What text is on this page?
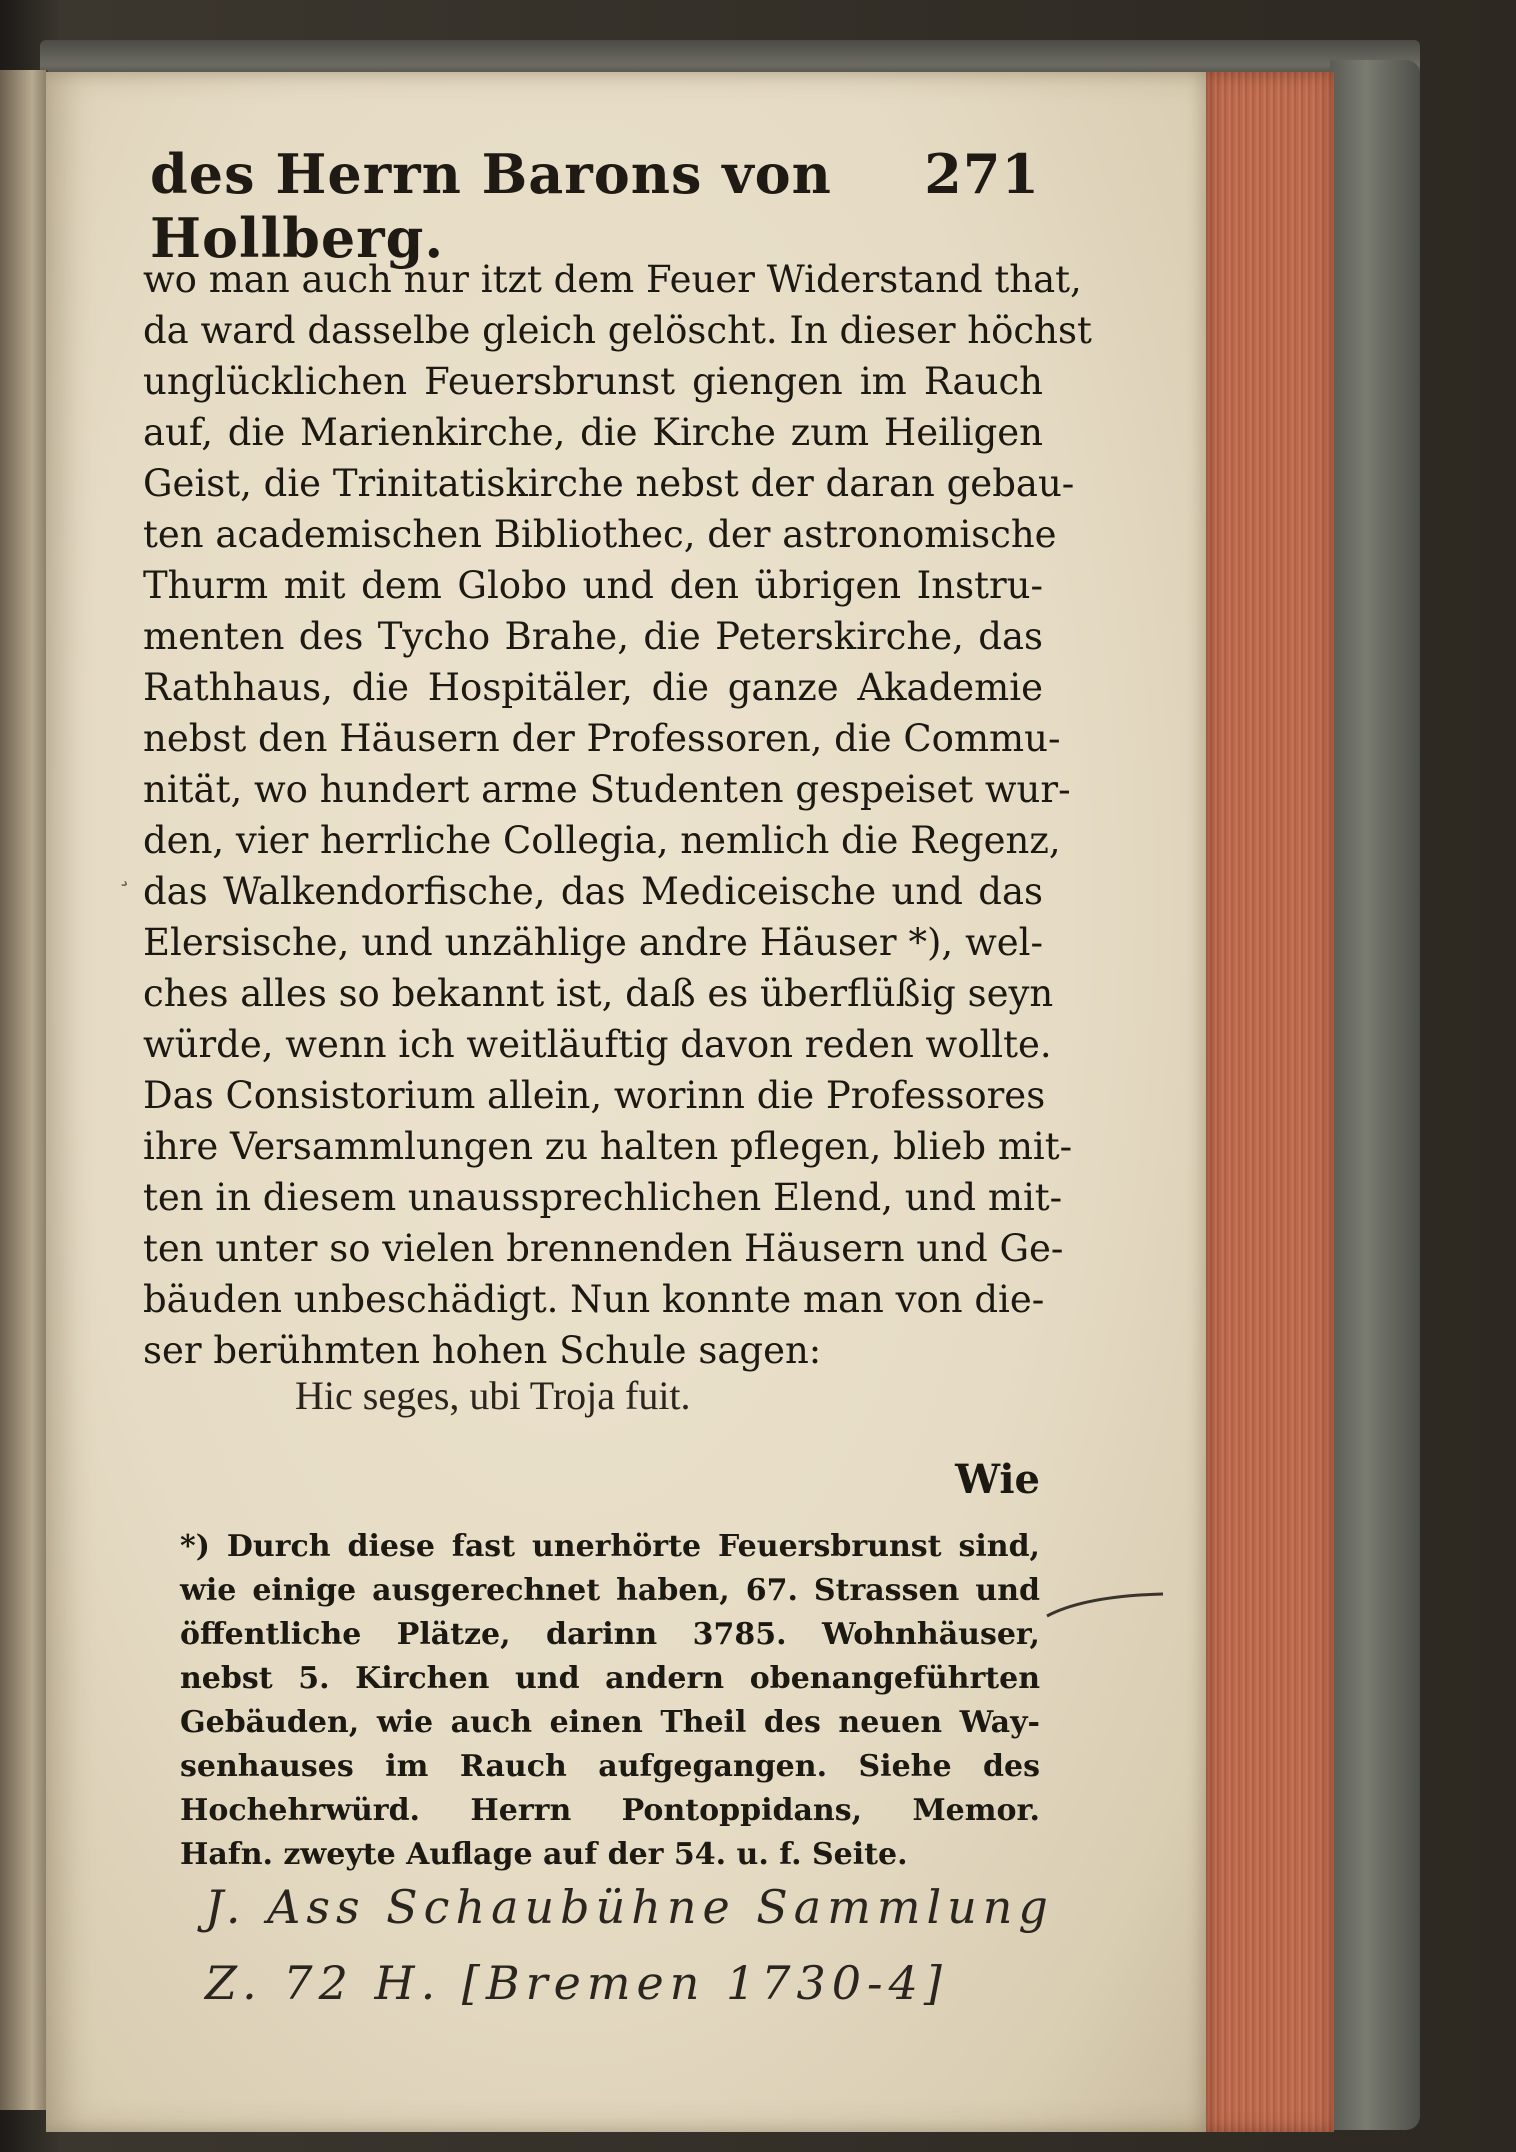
des Herrn Barons von Hollberg.
271
¸
wo man auch nur itzt dem Feuer Widerstand that,
da ward dasselbe gleich gelöscht. In dieser höchst
unglücklichen Feuersbrunst giengen im Rauch
auf, die Marienkirche, die Kirche zum Heiligen
Geist, die Trinitatiskirche nebst der daran gebau-
ten academischen Bibliothec, der astronomische
Thurm mit dem Globo und den übrigen Instru-
menten des Tycho Brahe, die Peterskirche, das
Rathhaus, die Hospitäler, die ganze Akademie
nebst den Häusern der Professoren, die Commu-
nität, wo hundert arme Studenten gespeiset wur-
den, vier herrliche Collegia, nemlich die Regenz,
das Walkendorfische, das Mediceische und das
Elersische, und unzählige andre Häuser *), wel-
ches alles so bekannt ist, daß es überflüßig seyn
würde, wenn ich weitläuftig davon reden wollte.
Das Consistorium allein, worinn die Professores
ihre Versammlungen zu halten pflegen, blieb mit-
ten in diesem unaussprechlichen Elend, und mit-
ten unter so vielen brennenden Häusern und Ge-
bäuden unbeschädigt. Nun konnte man von die-
ser berühmten hohen Schule sagen:
Hic seges, ubi Troja fuit.
Wie
*) Durch diese fast unerhörte Feuersbrunst sind,
wie einige ausgerechnet haben, 67. Strassen und
öffentliche Plätze, darinn 3785. Wohnhäuser,
nebst 5. Kirchen und andern obenangeführten
Gebäuden, wie auch einen Theil des neuen Way-
senhauses im Rauch aufgegangen. Siehe des
Hochehrwürd. Herrn Pontoppidans, Memor.
Hafn. zweyte Auflage auf der 54. u. f. Seite.
J. Ass Schaubühne Sammlung
Z. 72 H. [Bremen 1730-4]
